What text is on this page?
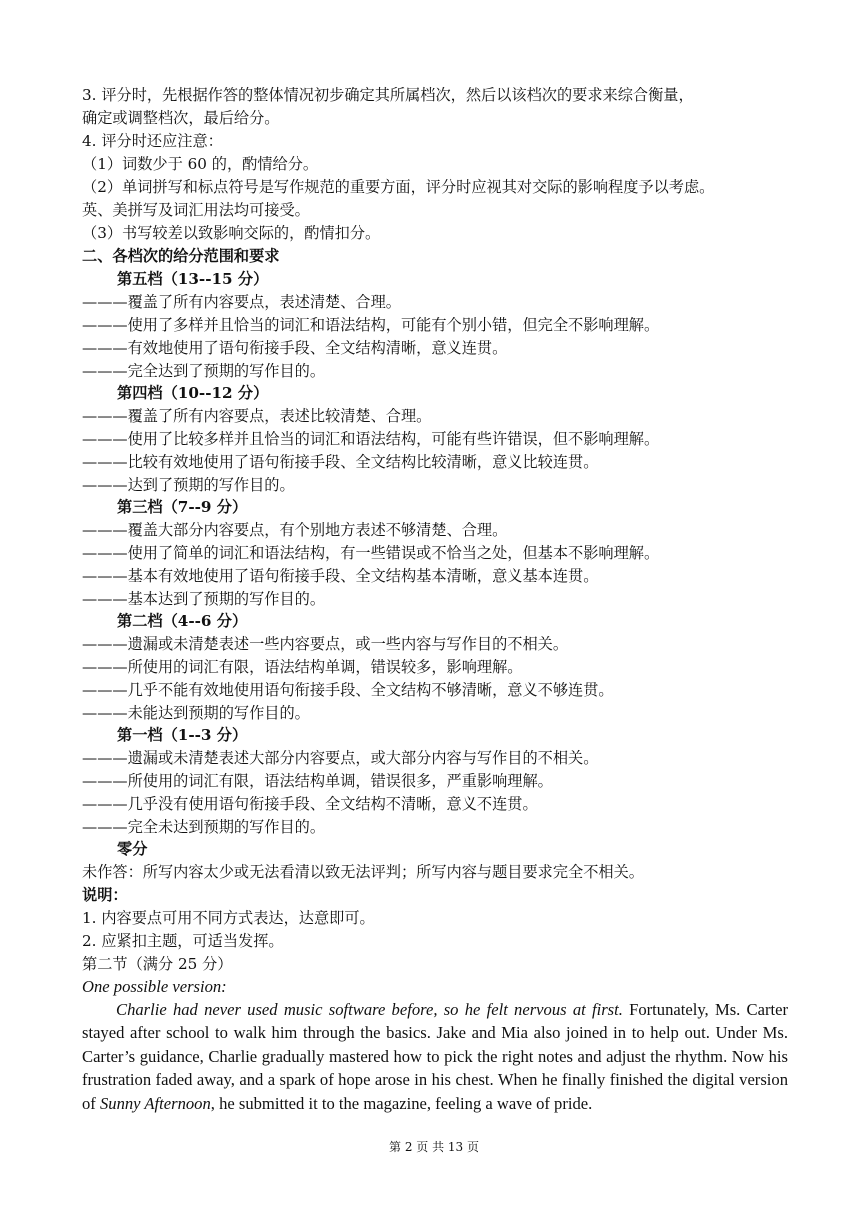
3. 评分时，先根据作答的整体情况初步确定其所属档次，然后以该档次的要求来综合衡量，
确定或调整档次，最后给分。
4. 评分时还应注意：
（1）词数少于 60 的，酌情给分。
（2）单词拼写和标点符号是写作规范的重要方面，评分时应视其对交际的影响程度予以考虑。
英、美拼写及词汇用法均可接受。
（3）书写较差以致影响交际的，酌情扣分。
二、各档次的给分范围和要求
第五档（13--15 分）
———覆盖了所有内容要点，表述清楚、合理。
———使用了多样并且恰当的词汇和语法结构，可能有个别小错，但完全不影响理解。
———有效地使用了语句衔接手段、全文结构清晰，意义连贯。
———完全达到了预期的写作目的。
第四档（10--12 分）
———覆盖了所有内容要点，表述比较清楚、合理。
———使用了比较多样并且恰当的词汇和语法结构，可能有些许错误，但不影响理解。
———比较有效地使用了语句衔接手段、全文结构比较清晰，意义比较连贯。
———达到了预期的写作目的。
第三档（7--9 分）
———覆盖大部分内容要点，有个别地方表述不够清楚、合理。
———使用了简单的词汇和语法结构，有一些错误或不恰当之处，但基本不影响理解。
———基本有效地使用了语句衔接手段、全文结构基本清晰，意义基本连贯。
———基本达到了预期的写作目的。
第二档（4--6 分）
———遗漏或未清楚表述一些内容要点，或一些内容与写作目的不相关。
———所使用的词汇有限，语法结构单调，错误较多，影响理解。
———几乎不能有效地使用语句衔接手段、全文结构不够清晰，意义不够连贯。
———未能达到预期的写作目的。
第一档（1--3 分）
———遗漏或未清楚表述大部分内容要点，或大部分内容与写作目的不相关。
———所使用的词汇有限，语法结构单调，错误很多，严重影响理解。
———几乎没有使用语句衔接手段、全文结构不清晰，意义不连贯。
———完全未达到预期的写作目的。
零分
未作答：所写内容太少或无法看清以致无法评判；所写内容与题目要求完全不相关。
说明：
1. 内容要点可用不同方式表达，达意即可。
2. 应紧扣主题，可适当发挥。
第二节（满分 25 分）
One possible version:
Charlie had never used music software before, so he felt nervous at first. Fortunately, Ms. Carter stayed after school to walk him through the basics. Jake and Mia also joined in to help out. Under Ms. Carter’s guidance, Charlie gradually mastered how to pick the right notes and adjust the rhythm. Now his frustration faded away, and a spark of hope arose in his chest. When he finally finished the digital version of Sunny Afternoon, he submitted it to the magazine, feeling a wave of pride.
第 2 页 共 13 页
